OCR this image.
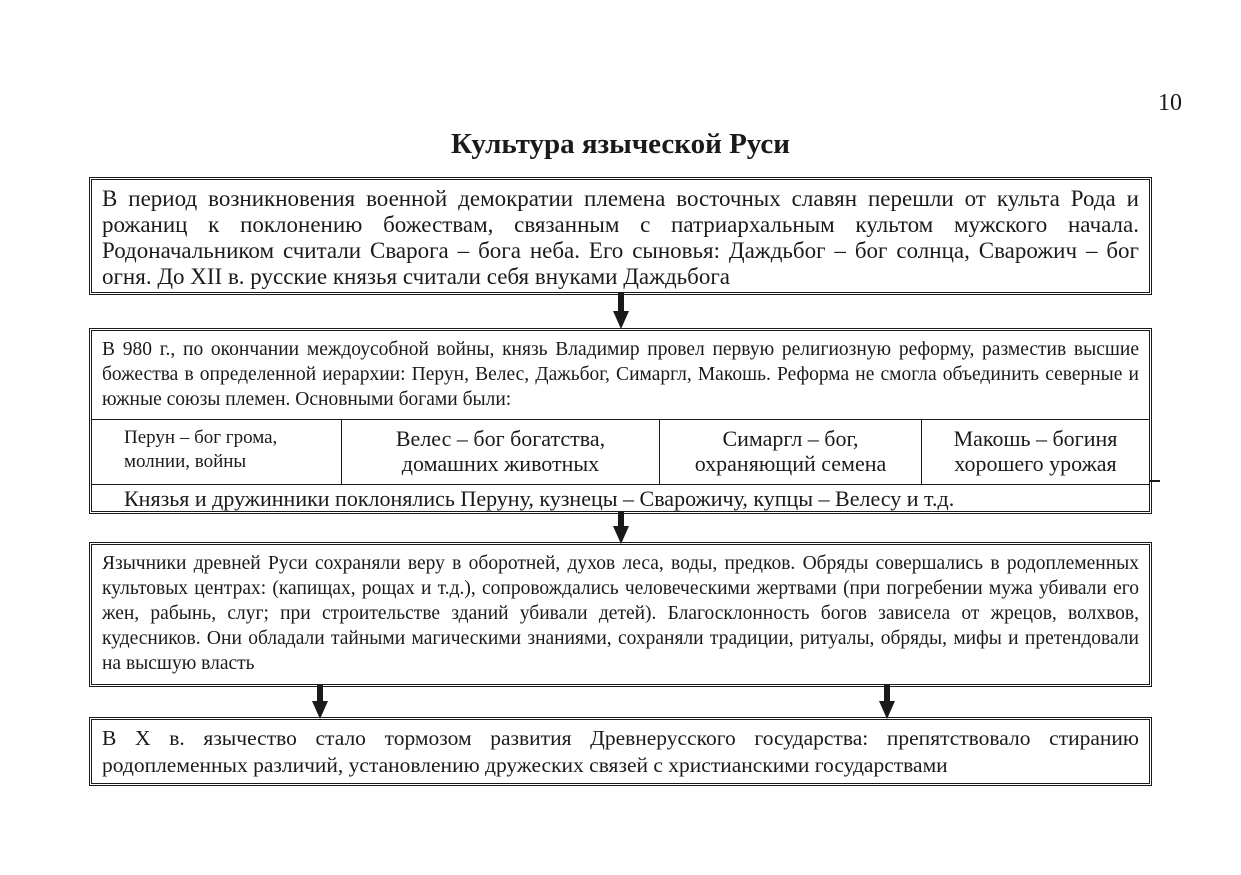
10
Культура языческой Руси
В период возникновения военной демократии племена восточных славян перешли от культа Рода и рожаниц к поклонению божествам, связанным с патриархальным культом мужского начала. Родоначальником считали Сварога – бога неба. Его сыновья: Даждьбог – бог солнца, Сварожич – бог огня. До XII в. русские князья считали себя внуками Даждьбога
В 980 г., по окончании междоусобной войны, князь Владимир провел первую религиозную реформу, разместив высшие божества в определенной иерархии: Перун, Велес, Дажьбог, Симаргл, Макошь. Реформа не смогла объединить северные и южные союзы племен. Основными богами были:
Перун – бог грома,
молнии, войны
Велес – бог богатства,
домашних животных
Симаргл – бог,
охраняющий семена
Макошь – богиня
хорошего урожая
Князья и дружинники поклонялись Перуну, кузнецы – Сварожичу, купцы – Велесу и т.д.
Язычники древней Руси сохраняли веру в оборотней, духов леса, воды, предков. Обряды совершались в родоплеменных культовых центрах: (капищах, рощах и т.д.), сопровождались человеческими жертвами (при погребении мужа убивали его жен, рабынь, слуг; при строительстве зданий убивали детей). Благосклонность богов зависела от жрецов, волхвов, кудесников. Они обладали тайными магическими знаниями, сохраняли традиции, ритуалы, обряды, мифы и претендовали на высшую власть
В X в. язычество стало тормозом развития Древнерусского государства: препятствовало стиранию родоплеменных различий, установлению дружеских связей с христианскими государствами
